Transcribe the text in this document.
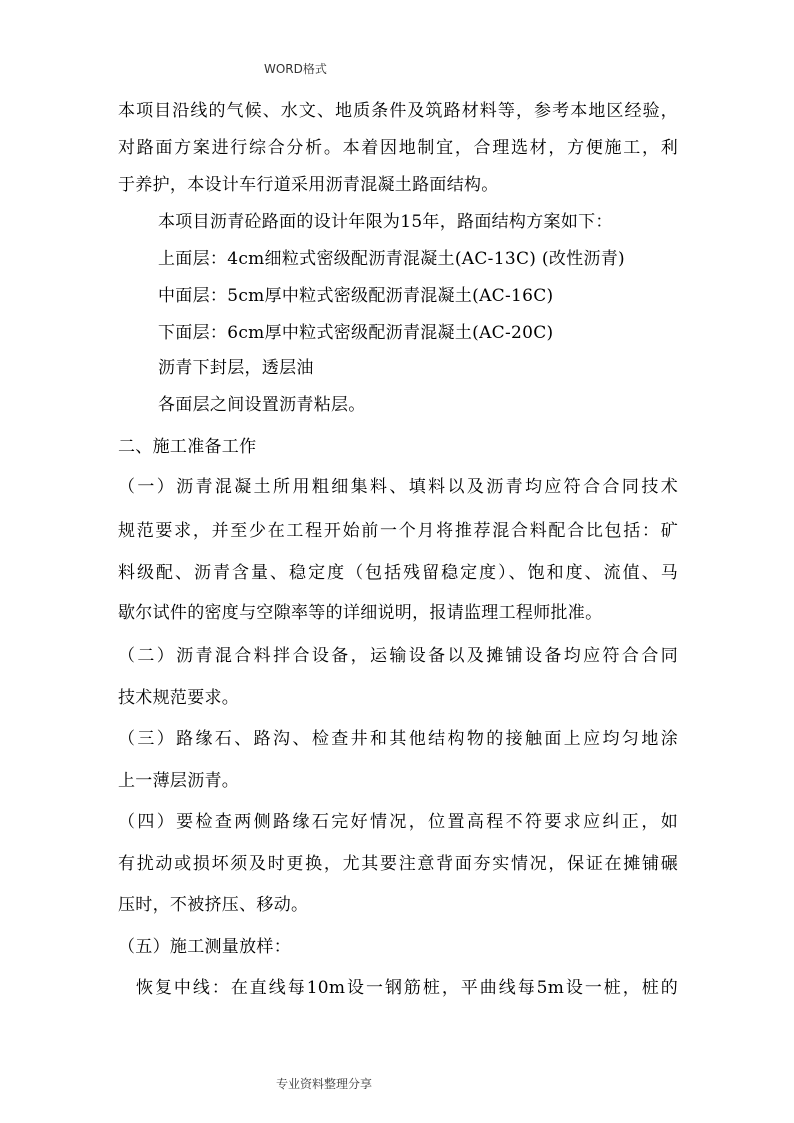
WORD格式
本项目沿线的气候、水文、地质条件及筑路材料等，参考本地区经验，
对路面方案进行综合分析。本着因地制宜，合理选材，方便施工，利
于养护，本设计车行道采用沥青混凝土路面结构。
本项目沥青砼路面的设计年限为15年，路面结构方案如下：
上面层：4cm细粒式密级配沥青混凝土(AC-13C) (改性沥青)
中面层：5cm厚中粒式密级配沥青混凝土(AC-16C)
下面层：6cm厚中粒式密级配沥青混凝土(AC-20C)
沥青下封层，透层油
各面层之间设置沥青粘层。
二、施工准备工作
（一）沥青混凝土所用粗细集料、填料以及沥青均应符合合同技术
规范要求，并至少在工程开始前一个月将推荐混合料配合比包括：矿
料级配、沥青含量、稳定度（包括残留稳定度）、饱和度、流值、马
歇尔试件的密度与空隙率等的详细说明，报请监理工程师批准。
（二）沥青混合料拌合设备，运输设备以及摊铺设备均应符合合同
技术规范要求。
（三）路缘石、路沟、检查井和其他结构物的接触面上应均匀地涂
上一薄层沥青。
（四）要检查两侧路缘石完好情况，位置高程不符要求应纠正，如
有扰动或损坏须及时更换，尤其要注意背面夯实情况，保证在摊铺碾
压时，不被挤压、移动。
（五）施工测量放样：
恢复中线：在直线每10m设一钢筋桩，平曲线每5m设一桩，桩的
专业资料整理分享
